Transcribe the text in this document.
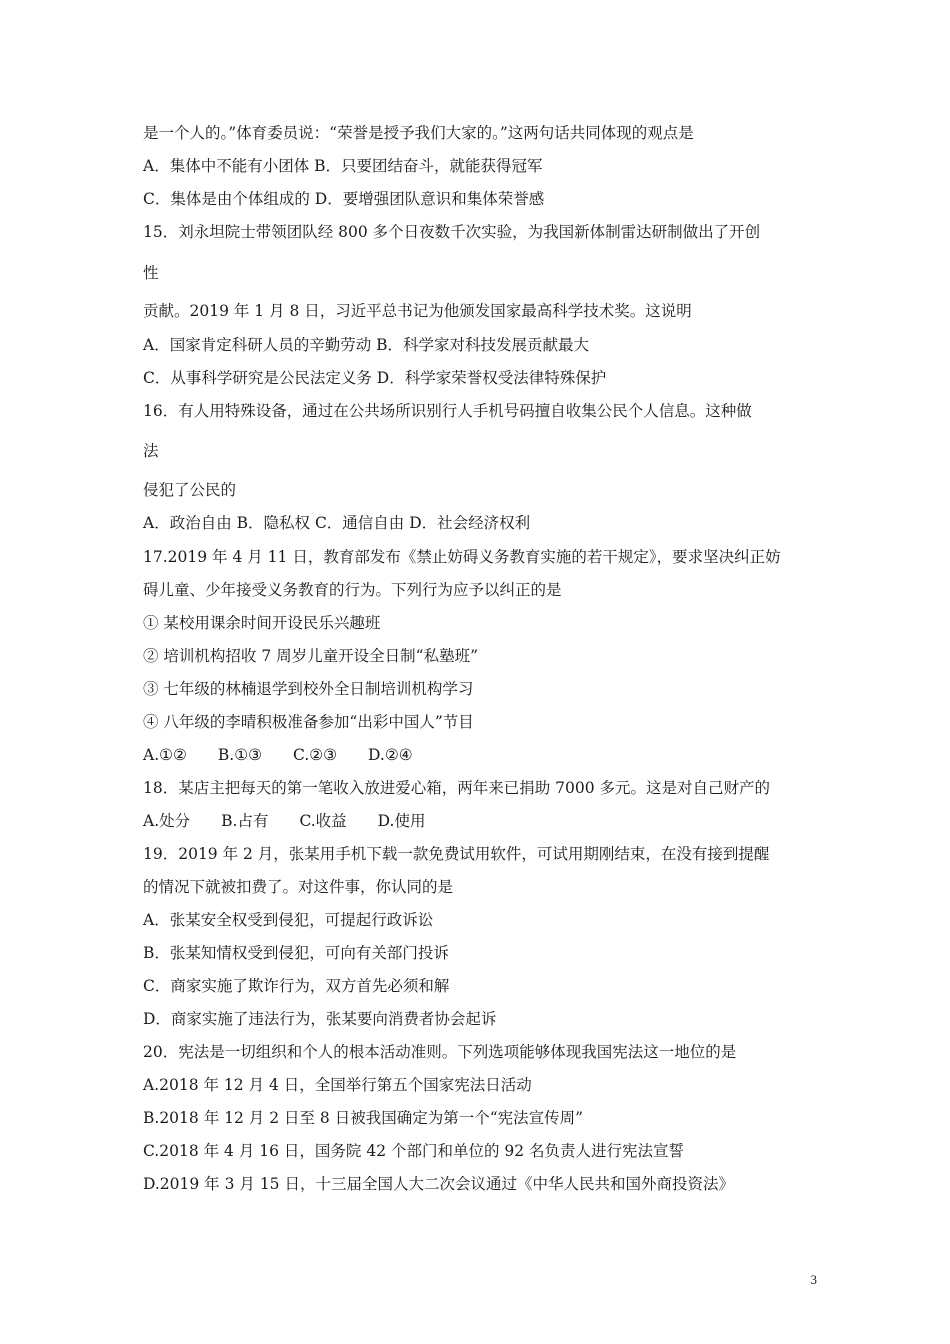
是一个人的。”体育委员说：“荣誉是授予我们大家的。”这两句话共同体现的观点是
A．集体中不能有小团体 B．只要团结奋斗，就能获得冠军
C．集体是由个体组成的 D．要增强团队意识和集体荣誉感
15．刘永坦院士带领团队经 800 多个日夜数千次实验，为我国新体制雷达研制做出了开创
性
贡献。2019 年 1 月 8 日，习近平总书记为他颁发国家最高科学技术奖。这说明
A．国家肯定科研人员的辛勤劳动 B．科学家对科技发展贡献最大
C．从事科学研究是公民法定义务 D．科学家荣誉权受法律特殊保护
16．有人用特殊设备，通过在公共场所识别行人手机号码擅自收集公民个人信息。这种做
法
侵犯了公民的
A．政治自由 B．隐私权 C．通信自由 D．社会经济权利
17.2019 年 4 月 11 日，教育部发布《禁止妨碍义务教育实施的若干规定》，要求坚决纠正妨
碍儿童、少年接受义务教育的行为。下列行为应予以纠正的是
① 某校用课余时间开设民乐兴趣班
② 培训机构招收 7 周岁儿童开设全日制“私塾班”
③ 七年级的林楠退学到校外全日制培训机构学习
④ 八年级的李晴积极准备参加“出彩中国人”节目
A.①②　　B.①③　　C.②③　　D.②④
18．某店主把每天的第一笔收入放进爱心箱，两年来已捐助 7000 多元。这是对自己财产的
A.处分　　B.占有　　C.收益　　D.使用
19．2019 年 2 月，张某用手机下载一款免费试用软件，可试用期刚结束，在没有接到提醒
的情况下就被扣费了。对这件事，你认同的是
A．张某安全权受到侵犯，可提起行政诉讼
B．张某知情权受到侵犯，可向有关部门投诉
C．商家实施了欺诈行为，双方首先必须和解
D．商家实施了违法行为，张某要向消费者协会起诉
20．宪法是一切组织和个人的根本活动准则。下列选项能够体现我国宪法这一地位的是
A.2018 年 12 月 4 日，全国举行第五个国家宪法日活动
B.2018 年 12 月 2 日至 8 日被我国确定为第一个“宪法宣传周”
C.2018 年 4 月 16 日，国务院 42 个部门和单位的 92 名负责人进行宪法宣誓
D.2019 年 3 月 15 日，十三届全国人大二次会议通过《中华人民共和国外商投资法》
3
